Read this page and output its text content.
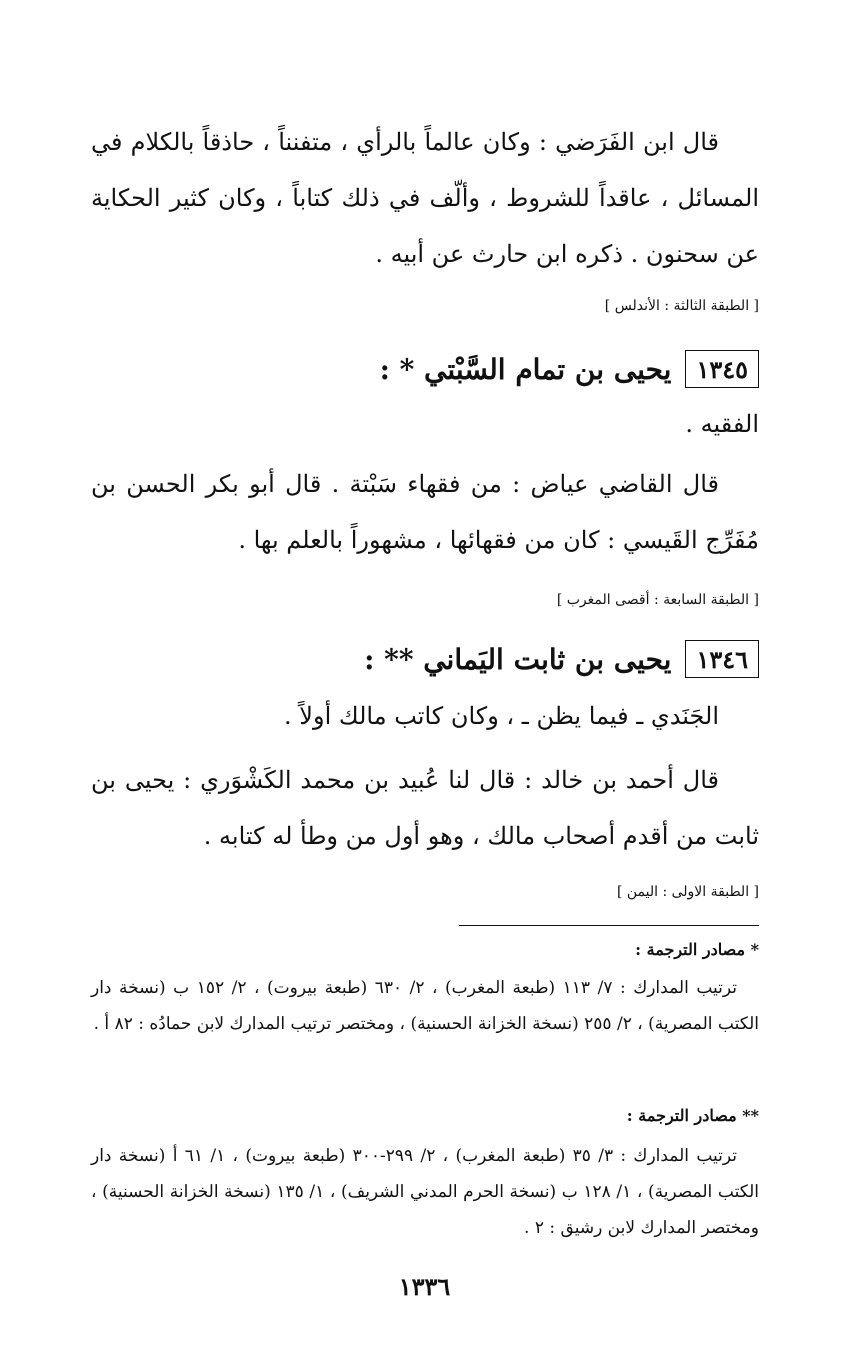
قال ابن الفَرَضي : وكان عالماً بالرأي ، متفنناً ، حاذقاً بالكلام في المسائل ، عاقداً للشروط ، وألّف في ذلك كتاباً ، وكان كثير الحكاية عن سحنون . ذكره ابن حارث عن أبيه .

[ الطبقة الثالثة : الأندلس ]
١٣٤٥
يحيى بن تمام السَّبْتي * :
الفقيه .

قال القاضي عياض : من فقهاء سَبْتة . قال أبو بكر الحسن بن مُفَرِّج القَيسي : كان من فقهائها ، مشهوراً بالعلم بها .

[ الطبقة السابعة : أقصى المغرب ]
١٣٤٦
يحيى بن ثابت اليَماني ** :
الجَنَدي ـ فيما يظن ـ ، وكان كاتب مالك أولاً .

قال أحمد بن خالد : قال لنا عُبيد بن محمد الكَشْوَري : يحيى بن ثابت من أقدم أصحاب مالك ، وهو أول من وطأ له كتابه .

[ الطبقة الاولى : اليمن ]
* مصادر الترجمة :
ترتيب المدارك : ٧/ ١١٣ (طبعة المغرب) ، ٢/ ٦٣٠ (طبعة بيروت) ، ٢/ ١٥٢ ب (نسخة دار الكتب المصرية) ، ٢/ ٢٥٥ (نسخة الخزانة الحسنية) ، ومختصر ترتيب المدارك لابن حمادُه : ٨٢ أ .
** مصادر الترجمة :
ترتيب المدارك : ٣/ ٣٥ (طبعة المغرب) ، ٢/ ٢٩٩-٣٠٠ (طبعة بيروت) ، ١/ ٦١ أ (نسخة دار الكتب المصرية) ، ١/ ١٢٨ ب (نسخة الحرم المدني الشريف) ، ١/ ١٣٥ (نسخة الخزانة الحسنية) ، ومختصر المدارك لابن رشيق : ٢ .
١٣٣٦
